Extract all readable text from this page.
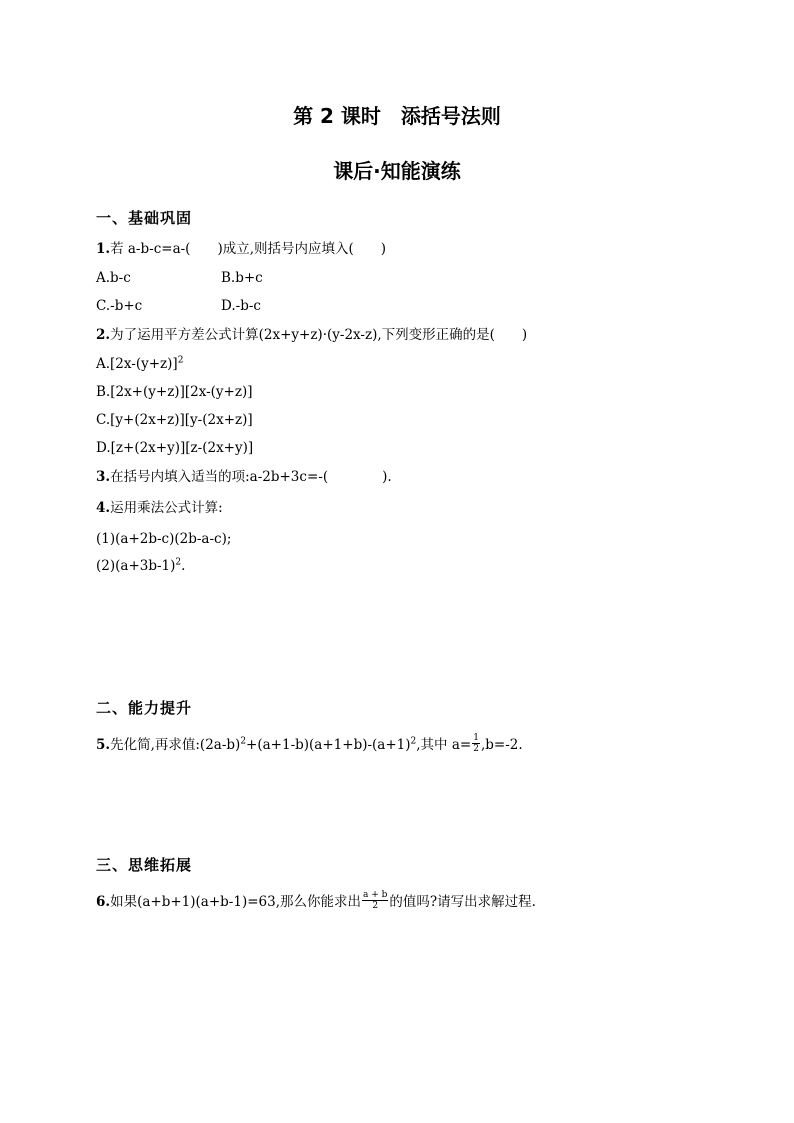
第 2 课时　添括号法则
课后·知能演练
一、基础巩固
1.若 a-b-c=a-(　　)成立,则括号内应填入(　　)
A.b-c	B.b+c
C.-b+c	D.-b-c
2.为了运用平方差公式计算(2x+y+z)·(y-2x-z),下列变形正确的是(　　)
$A.[2x-(y+z)]^2$
B.[2x+(y+z)][2x-(y+z)]
C.[y+(2x+z)][y-(2x+z)]
D.[z+(2x+y)][z-(2x+y)]
3.在括号内填入适当的项:a-2b+3c=-(　　　　).
4.运用乘法公式计算:
(1)(a+2b-c)(2b-a-c);
$(2)(a+3b-1)^2$.
二、能力提升
5.先化简,再求值$:(2a-b)^2+(a+1-b)(a+1+b)-(a+1)^2$,其中 $a= \frac{1}{2} ,b=-2$.
三、思维拓展
6.如果(a+b+1)(a+b-1)=63,那么你能求出 $\frac{a + b}{2}$ 的值吗?请写出求解过程.
